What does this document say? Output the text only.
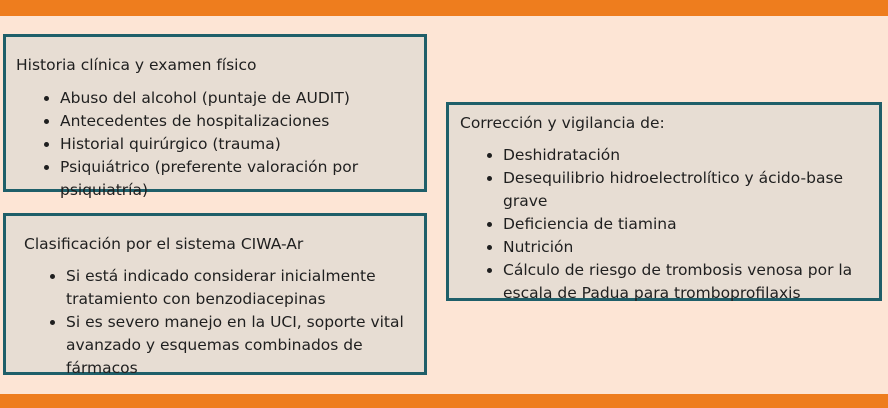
Historia clínica y examen físico

Abuso del alcohol (puntaje de AUDIT)
Antecedentes de hospitalizaciones
Historial quirúrgico (trauma)
Psiquiátrico (preferente valoración por psiquiatría)

Clasificación por el sistema CIWA-Ar

Si está indicado considerar inicialmente
tratamiento con benzodiacepinas
Si es severo manejo en la UCI, soporte vital
avanzado y esquemas combinados de fármacos

Corrección y vigilancia de:

Deshidratación
Desequilibrio hidroelectrolítico y ácido-base grave
Deficiencia de tiamina
Nutrición
Cálculo de riesgo de trombosis venosa por la
escala de Padua para tromboprofilaxis
